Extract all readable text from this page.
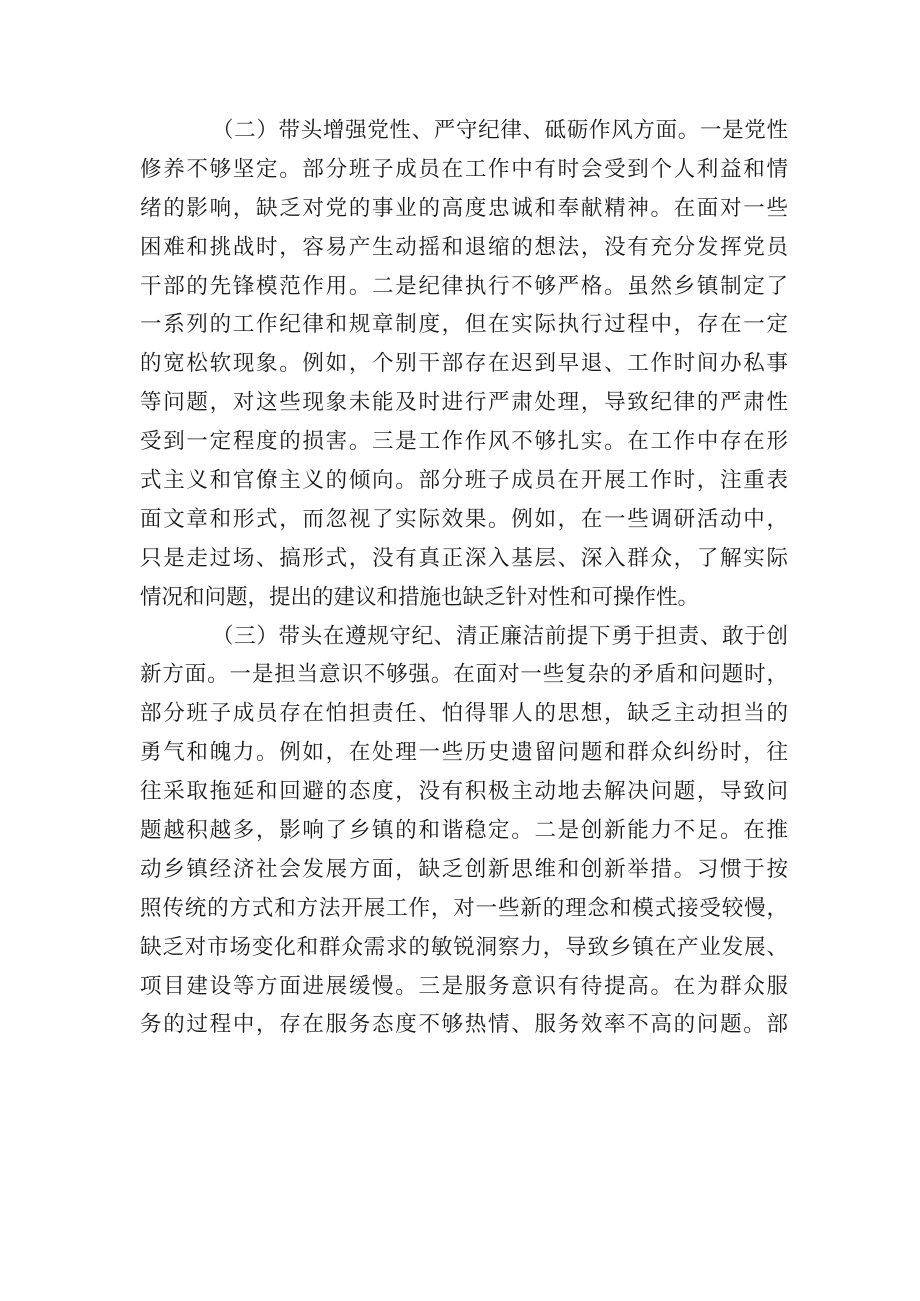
（二）带头增强党性、严守纪律、砥砺作风方面。一是党性
修养不够坚定。部分班子成员在工作中有时会受到个人利益和情
绪的影响，缺乏对党的事业的高度忠诚和奉献精神。在面对一些
困难和挑战时，容易产生动摇和退缩的想法，没有充分发挥党员
干部的先锋模范作用。二是纪律执行不够严格。虽然乡镇制定了
一系列的工作纪律和规章制度，但在实际执行过程中，存在一定
的宽松软现象。例如，个别干部存在迟到早退、工作时间办私事
等问题，对这些现象未能及时进行严肃处理，导致纪律的严肃性
受到一定程度的损害。三是工作作风不够扎实。在工作中存在形
式主义和官僚主义的倾向。部分班子成员在开展工作时，注重表
面文章和形式，而忽视了实际效果。例如，在一些调研活动中，
只是走过场、搞形式，没有真正深入基层、深入群众，了解实际
情况和问题，提出的建议和措施也缺乏针对性和可操作性。
（三）带头在遵规守纪、清正廉洁前提下勇于担责、敢于创
新方面。一是担当意识不够强。在面对一些复杂的矛盾和问题时，
部分班子成员存在怕担责任、怕得罪人的思想，缺乏主动担当的
勇气和魄力。例如，在处理一些历史遗留问题和群众纠纷时，往
往采取拖延和回避的态度，没有积极主动地去解决问题，导致问
题越积越多，影响了乡镇的和谐稳定。二是创新能力不足。在推
动乡镇经济社会发展方面，缺乏创新思维和创新举措。习惯于按
照传统的方式和方法开展工作，对一些新的理念和模式接受较慢，
缺乏对市场变化和群众需求的敏锐洞察力，导致乡镇在产业发展、
项目建设等方面进展缓慢。三是服务意识有待提高。在为群众服
务的过程中，存在服务态度不够热情、服务效率不高的问题。部
